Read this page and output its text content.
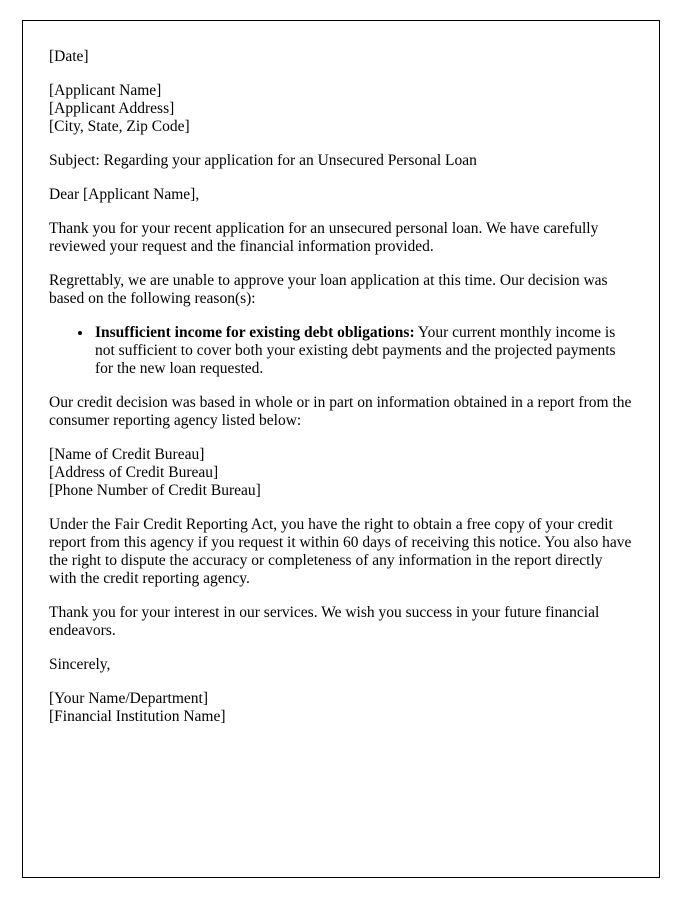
[Date]

[Applicant Name]

[Applicant Address]

[City, State, Zip Code]

Subject: Regarding your application for an Unsecured Personal Loan

Dear [Applicant Name],

Thank you for your recent application for an unsecured personal loan. We have carefully reviewed your request and the financial information provided.

Regrettably, we are unable to approve your loan application at this time. Our decision was based on the following reason(s):

• Insufficient income for existing debt obligations: Your current monthly income is not sufficient to cover both your existing debt payments and the projected payments for the new loan requested.

Our credit decision was based in whole or in part on information obtained in a report from the consumer reporting agency listed below:

[Name of Credit Bureau]

[Address of Credit Bureau]

[Phone Number of Credit Bureau]

Under the Fair Credit Reporting Act, you have the right to obtain a free copy of your credit report from this agency if you request it within 60 days of receiving this notice. You also have the right to dispute the accuracy or completeness of any information in the report directly with the credit reporting agency.

Thank you for your interest in our services. We wish you success in your future financial endeavors.

Sincerely,

[Your Name/Department]

[Financial Institution Name]
